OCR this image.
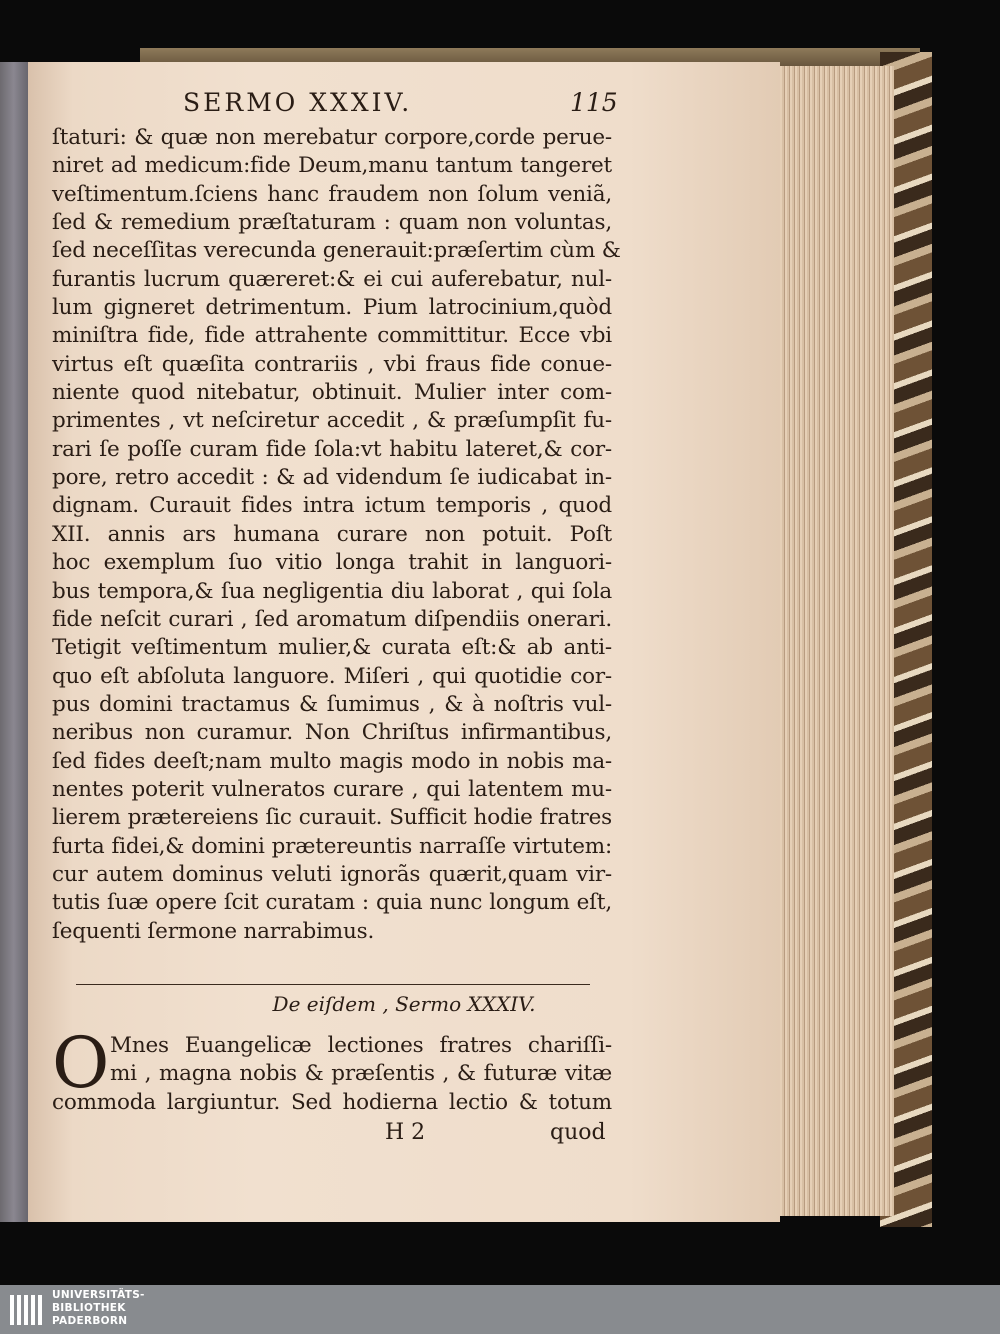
SERMO XXXIV.	115
ſtaturi: & quæ non merebatur corpore,corde perue-
niret ad medicum:fide Deum,manu tantum tangeret
veſtimentum.ſciens hanc fraudem non ſolum veniã,
ſed & remedium præſtaturam : quam non voluntas,
ſed neceſſitas verecunda generauit:præſertim cùm &
furantis lucrum quæreret:& ei cui auferebatur, nul-
lum gigneret detrimentum. Pium latrocinium,quòd
miniſtra fide, fide attrahente committitur. Ecce vbi
virtus eſt quæſita contrariis , vbi fraus fide conue-
niente quod nitebatur, obtinuit. Mulier inter com-
primentes , vt neſciretur accedit , & præſumpſit fu-
rari ſe poſſe curam fide ſola:vt habitu lateret,& cor-
pore, retro accedit : & ad videndum ſe iudicabat in-
dignam. Curauit fides intra ictum temporis , quod
XII. annis ars humana curare non potuit. Poſt
hoc exemplum ſuo vitio longa trahit in languori-
bus tempora,& ſua negligentia diu laborat , qui ſola
fide neſcit curari , ſed aromatum diſpendiis onerari.
Tetigit veſtimentum mulier,& curata eſt:& ab anti-
quo eſt abſoluta languore. Miſeri , qui quotidie cor-
pus domini tractamus & ſumimus , & à noſtris vul-
neribus non curamur. Non Chriſtus infirmantibus,
ſed fides deeſt;nam multo magis modo in nobis ma-
nentes poterit vulneratos curare , qui latentem mu-
lierem prætereiens ſic curauit. Sufficit hodie fratres
furta fidei,& domini prætereuntis narraſſe virtutem:
cur autem dominus veluti ignorãs quærit,quam vir-
tutis ſuæ opere ſcit curatam : quia nunc longum eſt,
ſequenti ſermone narrabimus.
De eiſdem , Sermo XXXIV.
O Mnes Euangelicæ lectiones fratres chariſſi-
mi , magna nobis & præſentis , & futuræ vitæ
commoda largiuntur. Sed hodierna lectio & totum
H 2	quod
UNIVERSITÄTS-
BIBLIOTHEK
PADERBORN
